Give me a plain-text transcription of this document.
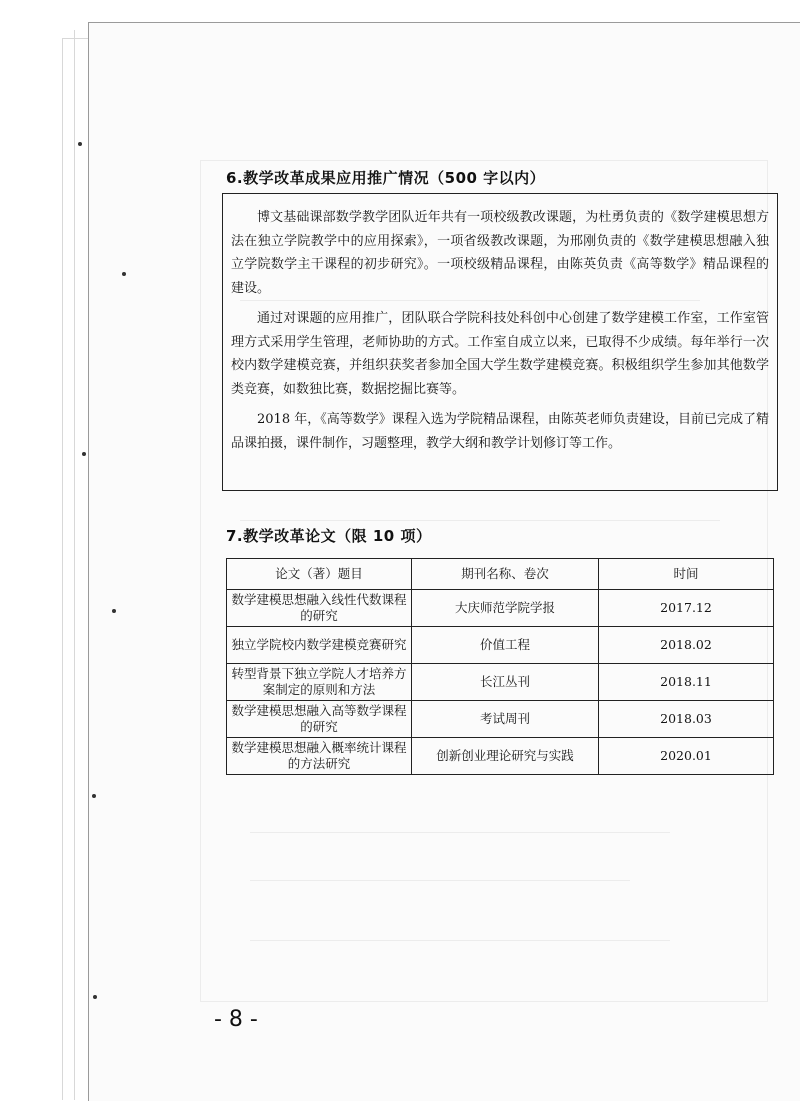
6.教学改革成果应用推广情况（500 字以内）

博文基础课部数学教学团队近年共有一项校级教改课题，为杜勇负责的《数学建模思想方法在独立学院教学中的应用探索》，一项省级教改课题，为邢刚负责的《数学建模思想融入独立学院数学主干课程的初步研究》。一项校级精品课程，由陈英负责《高等数学》精品课程的建设。

通过对课题的应用推广，团队联合学院科技处科创中心创建了数学建模工作室，工作室管理方式采用学生管理，老师协助的方式。工作室自成立以来，已取得不少成绩。每年举行一次校内数学建模竞赛，并组织获奖者参加全国大学生数学建模竞赛。积极组织学生参加其他数学类竞赛，如数独比赛，数据挖掘比赛等。

2018 年，《高等数学》课程入选为学院精品课程，由陈英老师负责建设，目前已完成了精品课拍摄，课件制作，习题整理，教学大纲和教学计划修订等工作。

7.教学改革论文（限 10 项）
论文（著）题目	期刊名称、卷次	时间
数学建模思想融入线性代数课程的研究	大庆师范学院学报	2017.12
独立学院校内数学建模竞赛研究	价值工程	2018.02
转型背景下独立学院人才培养方案制定的原则和方法	长江丛刊	2018.11
数学建模思想融入高等数学课程的研究	考试周刊	2018.03
数学建模思想融入概率统计课程的方法研究	创新创业理论研究与实践	2020.01
- 8 -
